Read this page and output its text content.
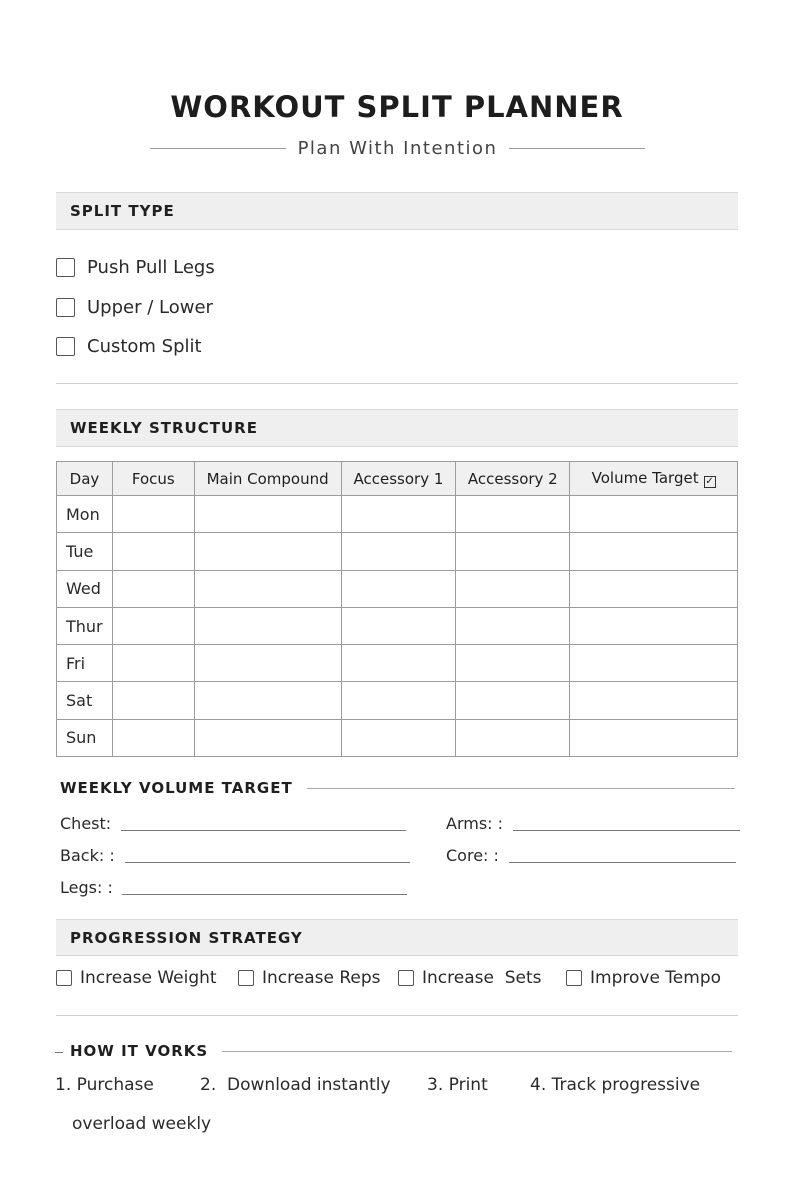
WORKOUT SPLIT PLANNER
Plan With Intention
SPLIT TYPE
Push Pull Legs
Upper / Lower
Custom Split
WEEKLY STRUCTURE
Day	Focus	Main Compound	Accessory 1	Accessory 2	Volume Target ✓
Mon					
Tue					
Wed					
Thur					
Fri					
Sat					
Sun					
WEEKLY VOLUME TARGET
Chest:
Back: :
Legs: :
Arms: :
Core: :
PROGRESSION STRATEGY
Increase Weight	Increase Reps Increase  Sets	Improve Tempo
HOW IT VORKS
1. Purchase	2.  Download instantly 3. Print 4. Track progressive
overload weekly
